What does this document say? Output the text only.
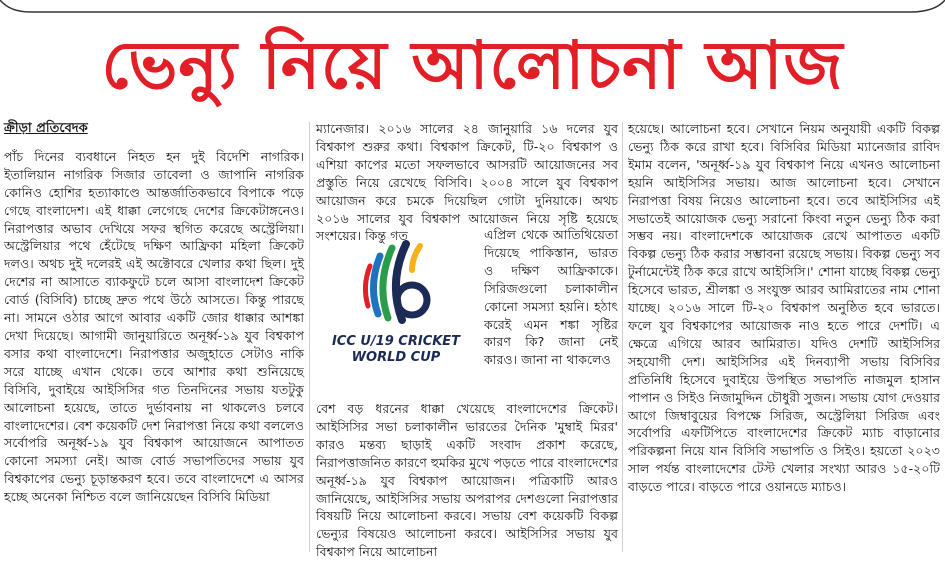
ভেন্যু নিয়ে আলোচনা আজ
ক্রীড়া প্রতিবেদক

পাঁচ দিনের ব্যবধানে নিহত হন দুই বিদেশি নাগরিক। ইতালিয়ান নাগরিক সিজার তাবেলা ও জাপানি নাগরিক কোনিও হোশির হত্যাকাণ্ডে আন্তর্জাতিকভাবে বিপাকে পড়ে গেছে বাংলাদেশ। এই ধাক্কা লেগেছে দেশের ক্রিকেটাঙ্গনেও। নিরাপত্তার অভাব দেখিয়ে সফর স্থগিত করেছে অস্ট্রেলিয়া। অস্ট্রেলিয়ার পথে হেঁটেছে দক্ষিণ আফ্রিকা মহিলা ক্রিকেট দলও। অথচ দুই দলেরই এই অক্টোবরে খেলার কথা ছিল। দুই দেশের না আসাতে ব্যাকফুটে চলে আসা বাংলাদেশ ক্রিকেট বোর্ড (বিসিবি) চাচ্ছে দ্রুত পথে উঠে আসতে। কিন্তু পারছে না। সামনে ওঠার আগে আবার একটি জোর ধাক্কার আশঙ্কা দেখা দিয়েছে। আগামী জানুয়ারিতে অনূর্ধ্ব-১৯ যুব বিশ্বকাপ বসার কথা বাংলাদেশে। নিরাপত্তার অজুহাতে সেটাও নাকি সরে যাচ্ছে এখান থেকে। তবে আশার কথা শুনিয়েছে বিসিবি, দুবাইয়ে আইসিসির গত তিনদিনের সভায় যতটুকু আলোচনা হয়েছে, তাতে দুর্ভাবনায় না থাকলেও চলবে বাংলাদেশের। বেশ কয়েকটি দেশ নিরাপত্তা নিয়ে কথা বললেও সর্বোপরি অনূর্ধ্ব-১৯ যুব বিশ্বকাপ আয়োজনে আপাতত কোনো সমস্যা নেই। আজ বোর্ড সভাপতিদের সভায় যুব বিশ্বকাপের ভেন্যু চূড়ান্তকরণ হবে। তবে বাংলাদেশে এ আসর হচ্ছে অনেকা নিশ্চিত বলে জানিয়েছেন বিসিবি মিডিয়া

ম্যানেজার। ২০১৬ সালের ২৪ জানুয়ারি ১৬ দলের যুব বিশ্বকাপ শুরুর কথা। বিশ্বকাপ ক্রিকেট, টি-২০ বিশ্বকাপ ও এশিয়া কাপের মতো সফলভাবে আসরটি আয়োজনের সব প্রস্তুতি নিয়ে রেখেছে বিসিবি। ২০০৪ সালে যুব বিশ্বকাপ আয়োজন করে চমকে দিয়েছিল গোটা দুনিয়াকে। অথচ ২০১৬ সালের যুব বিশ্বকাপ আয়োজন নিয়ে সৃষ্টি হয়েছে সংশয়ের। কিন্তু গত

ICC U/19 CRICKET
WORLD CUP

এপ্রিল থেকে আতিথিয়েতা দিয়েছে পাকিস্তান, ভারত ও দক্ষিণ আফ্রিকাকে। সিরিজগুলো চলাকালীন কোনো সমস্যা হয়নি। হঠাৎ করেই এমন শঙ্কা সৃষ্টির কারণ কি? জানা নেই কারও। জানা না থাকলেও

বেশ বড় ধরনের ধাক্কা খেয়েছে বাংলাদেশের ক্রিকেট। আইসিসির সভা চলাকালীন ভারতের দৈনিক 'মুম্বাই মিরর' কারও মন্তব্য ছাড়াই একটি সংবাদ প্রকাশ করেছে, নিরাপত্তাজনিত কারণে হুমকির মুখে পড়তে পারে বাংলাদেশের অনূর্ধ্ব-১৯ যুব বিশ্বকাপ আয়োজন। পত্রিকাটি আরও জানিয়েছে, আইসিসির সভায় অপরাপর দেশগুলো নিরাপত্তার বিষয়টি নিয়ে আলোচনা করবে। সভায় বেশ কয়েকটি বিকল্প ভেন্যুর বিষয়েও আলোচনা করবে। আইসিসির সভায় যুব বিশ্বকাপ নিয়ে আলোচনা

হয়েছে। আলোচনা হবে। সেখানে নিয়ম অনুযায়ী একটি বিকল্প ভেন্যু ঠিক করে রাখা হবে। বিসিবির মিডিয়া ম্যানেজার রাবিদ ইমাম বলেন, 'অনূর্ধ্ব-১৯ যুব বিশ্বকাপ নিয়ে এখনও আলোচনা হয়নি আইসিসির সভায়। আজ আলোচনা হবে। সেখানে নিরাপত্তা বিষয় নিয়েও আলোচনা হবে। তবে আইসিসির এই সভাতেই আয়োজক ভেন্যু সরানো কিংবা নতুন ভেন্যু ঠিক করা সম্ভব নয়। বাংলাদেশকে আয়োজক রেখে আপাতত একটি বিকল্প ভেন্যু ঠিক করার সম্ভাবনা রয়েছে সভায়। বিকল্প ভেন্যু সব টুর্নামেন্টেই ঠিক করে রাখে আইসিসি।' শোনা যাচ্ছে বিকল্প ভেন্যু হিসেবে ভারত, শ্রীলঙ্কা ও সংযুক্ত আরব আমিরাতের নাম শোনা যাচ্ছে। ২০১৬ সালে টি-২০ বিশ্বকাপ অনুষ্ঠিত হবে ভারতে। ফলে যুব বিশ্বকাপের আয়োজক নাও হতে পারে দেশটি। এ ক্ষেত্রে এগিয়ে আরব আমিরাত। যদিও দেশটি আইসিসির সহযোগী দেশ। আইসিসির এই দিনব্যাপী সভায় বিসিবির প্রতিনিধি হিসেবে দুবাইয়ে উপস্থিত সভাপতি নাজমুল হাসান পাপান ও সিইও নিজামুদ্দিন চৌধুরী সুজন। সভায় যোগ দেওয়ার আগে জিম্বাবুয়ের বিপক্ষে সিরিজ, অস্ট্রেলিয়া সিরিজ এবং সর্বোপরি এফটিপিতে বাংলাদেশের ক্রিকেট ম্যাচ বাড়ানোর পরিকল্পনা নিয়ে যান বিসিবি সভাপতি ও সিইও। হয়তো ২০২৩ সাল পর্যন্ত বাংলাদেশের টেস্ট খেলার সংখ্যা আরও ১৫-২০টি বাড়তে পারে। বাড়তে পারে ওয়ানডে ম্যাচও।
